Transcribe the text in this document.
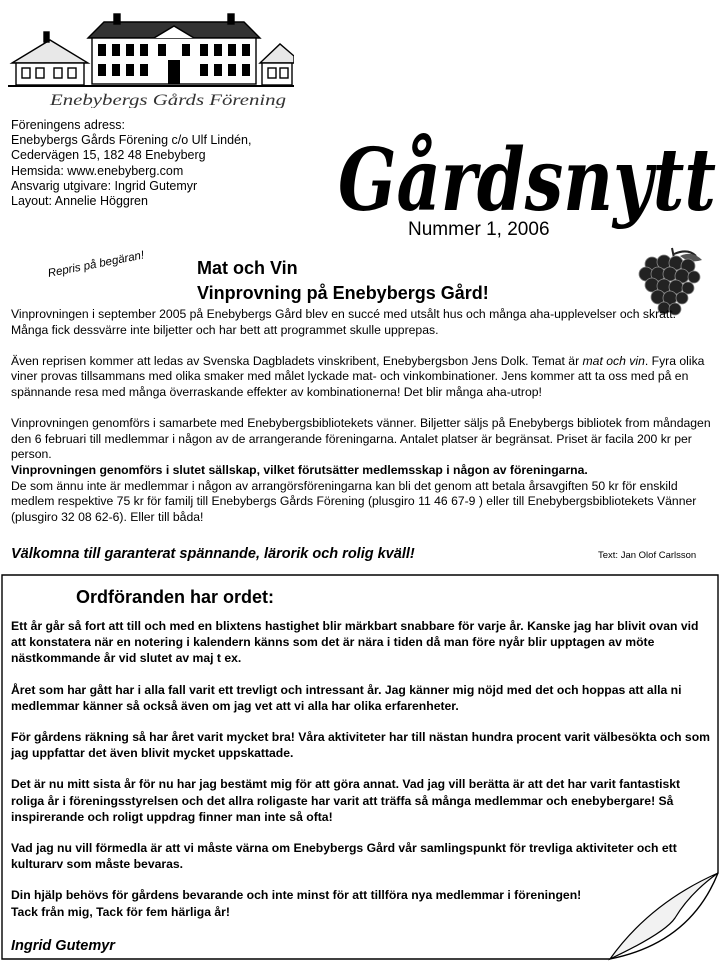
Enebybergs Gårds Förening
Föreningens adress:
Enebybergs Gårds Förening c/o Ulf Lindén,
Cedervägen 15, 182 48 Enebyberg
Hemsida: www.enebyberg.com
Ansvarig utgivare: Ingrid Gutemyr
Layout: Annelie Höggren	Gårdsnytt
Nummer 1, 2006
Repris på begäran!	Mat och Vin
Vinprovning på Enebybergs Gård!

Vinprovningen i september 2005 på Enebybergs Gård blev en succé med utsålt hus och många aha-upplevelser och skratt. Många fick dessvärre inte biljetter och har bett att programmet skulle upprepas.

Även reprisen kommer att ledas av Svenska Dagbladets vinskribent, Enebybergsbon Jens Dolk. Temat är mat och vin. Fyra olika viner provas tillsammans med olika smaker med målet lyckade mat- och vinkombinationer. Jens kommer att ta oss med på en spännande resa med många överraskande effekter av kombinationerna! Det blir många aha-utrop!

Vinprovningen genomförs i samarbete med Enebybergsbibliotekets vänner. Biljetter säljs på Enebybergs bibliotek from måndagen den 6 februari till medlemmar i någon av de arrangerande föreningarna. Antalet platser är begränsat. Priset är facila 200 kr per person.

Vinprovningen genomförs i slutet sällskap, vilket förutsätter medlemsskap i någon av föreningarna.

De som ännu inte är medlemmar i någon av arrangörsföreningarna kan bli det genom att betala årsavgiften 50 kr för enskild medlem respektive 75 kr för familj till Enebybergs Gårds Förening (plusgiro 11 46 67-9 ) eller till Enebybergsbibliotekets Vänner (plusgiro 32 08 62-6). Eller till båda!

Välkomna till garanterat spännande, lärorik och rolig kväll!	Text: Jan Olof Carlsson
Ordföranden har ordet:

Ett år går så fort att till och med en blixtens hastighet blir märkbart snabbare för varje år. Kanske jag har blivit ovan vid att konstatera när en notering i kalendern känns som det är nära i tiden då man före nyår blir upptagen av möte nästkommande år vid slutet av maj t ex.

Året som har gått har i alla fall varit ett trevligt och intressant år. Jag känner mig nöjd med det och hoppas att alla ni medlemmar känner så också även om jag vet att vi alla har olika erfarenheter.

För gårdens räkning så har året varit mycket bra! Våra aktiviteter har till nästan hundra procent varit välbesökta och som jag uppfattar det även blivit mycket uppskattade.

Det är nu mitt sista år för nu har jag bestämt mig för att göra annat. Vad jag vill berätta är att det har varit fantastiskt roliga år i föreningsstyrelsen och det allra roligaste har varit att träffa så många medlemmar och enebybergare! Så inspirerande och roligt uppdrag finner man inte så ofta!

Vad jag nu vill förmedla är att vi måste värna om Enebybergs Gård vår samlingspunkt för trevliga aktiviteter och ett kulturarv som måste bevaras.

Din hjälp behövs för gårdens bevarande och inte minst för att tillföra nya medlemmar i föreningen!
Tack från mig, Tack för fem härliga år!

Ingrid Gutemyr
